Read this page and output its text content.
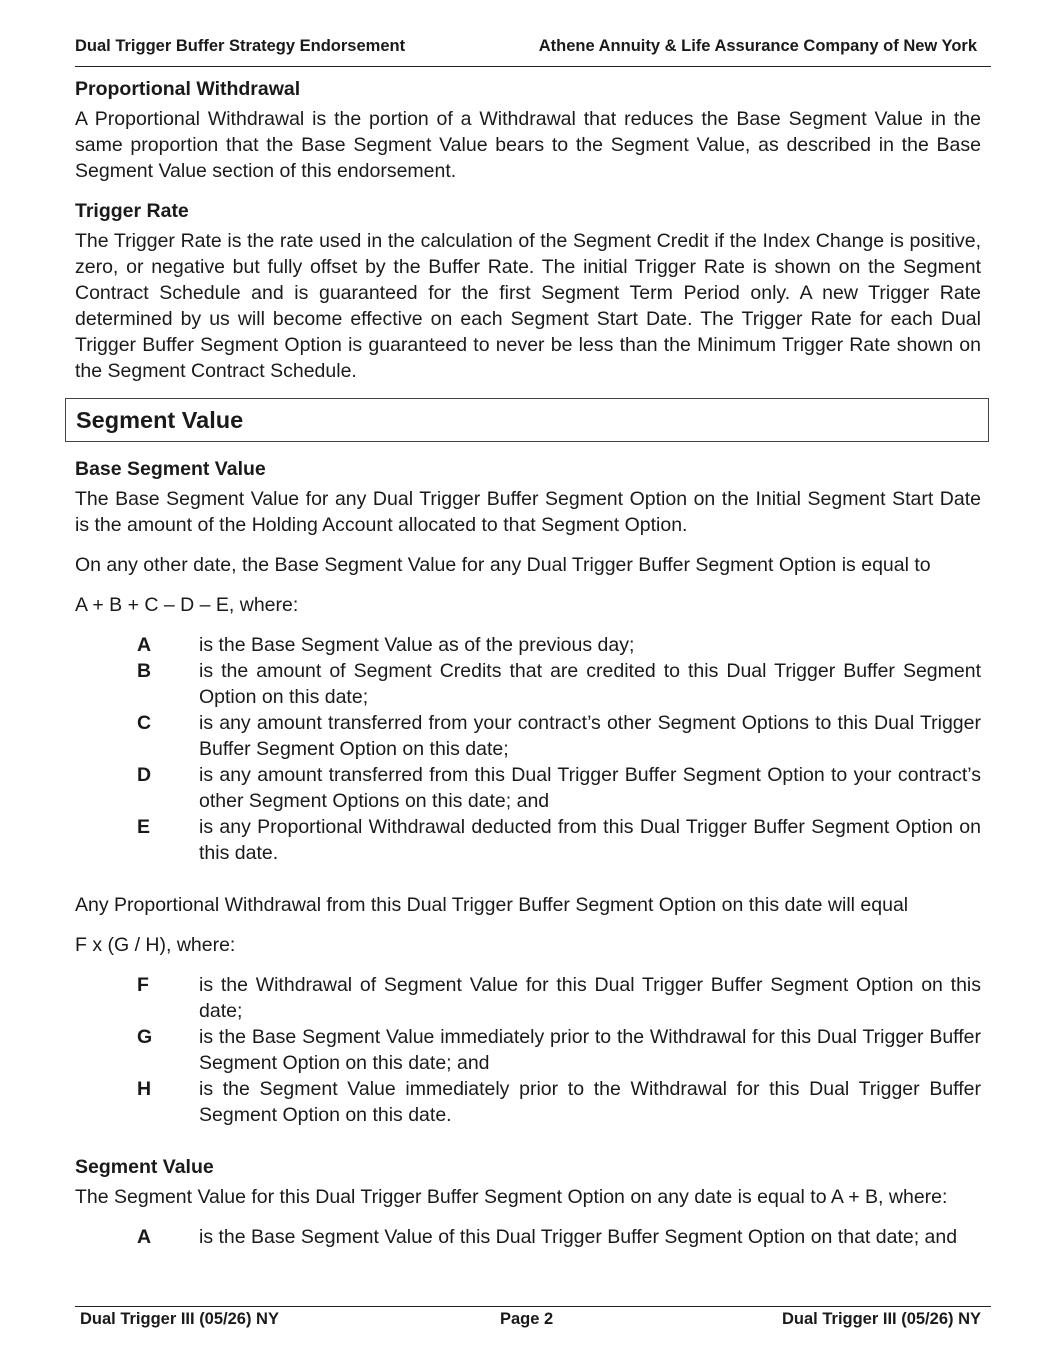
Dual Trigger Buffer Strategy Endorsement	Athene Annuity & Life Assurance Company of New York
Proportional Withdrawal

A Proportional Withdrawal is the portion of a Withdrawal that reduces the Base Segment Value in the same proportion that the Base Segment Value bears to the Segment Value, as described in the Base Segment Value section of this endorsement.

Trigger Rate

The Trigger Rate is the rate used in the calculation of the Segment Credit if the Index Change is positive, zero, or negative but fully offset by the Buffer Rate. The initial Trigger Rate is shown on the Segment Contract Schedule and is guaranteed for the first Segment Term Period only. A new Trigger Rate determined by us will become effective on each Segment Start Date. The Trigger Rate for each Dual Trigger Buffer Segment Option is guaranteed to never be less than the Minimum Trigger Rate shown on the Segment Contract Schedule.

Segment Value
Base Segment Value

The Base Segment Value for any Dual Trigger Buffer Segment Option on the Initial Segment Start Date is the amount of the Holding Account allocated to that Segment Option.

On any other date, the Base Segment Value for any Dual Trigger Buffer Segment Option is equal to

A + B + C – D – E, where:

A	is the Base Segment Value as of the previous day;
B	is the amount of Segment Credits that are credited to this Dual Trigger Buffer Segment Option on this date;
C	is any amount transferred from your contract’s other Segment Options to this Dual Trigger Buffer Segment Option on this date;
D	is any amount transferred from this Dual Trigger Buffer Segment Option to your contract’s other Segment Options on this date; and
E	is any Proportional Withdrawal deducted from this Dual Trigger Buffer Segment Option on this date.

Any Proportional Withdrawal from this Dual Trigger Buffer Segment Option on this date will equal

F x (G / H), where:

F	is the Withdrawal of Segment Value for this Dual Trigger Buffer Segment Option on this date;
G	is the Base Segment Value immediately prior to the Withdrawal for this Dual Trigger Buffer Segment Option on this date; and
H	is the Segment Value immediately prior to the Withdrawal for this Dual Trigger Buffer Segment Option on this date.
Segment Value

The Segment Value for this Dual Trigger Buffer Segment Option on any date is equal to A + B, where:

A	is the Base Segment Value of this Dual Trigger Buffer Segment Option on that date; and
Dual Trigger III (05/26) NY	Page 2	Dual Trigger III (05/26) NY
